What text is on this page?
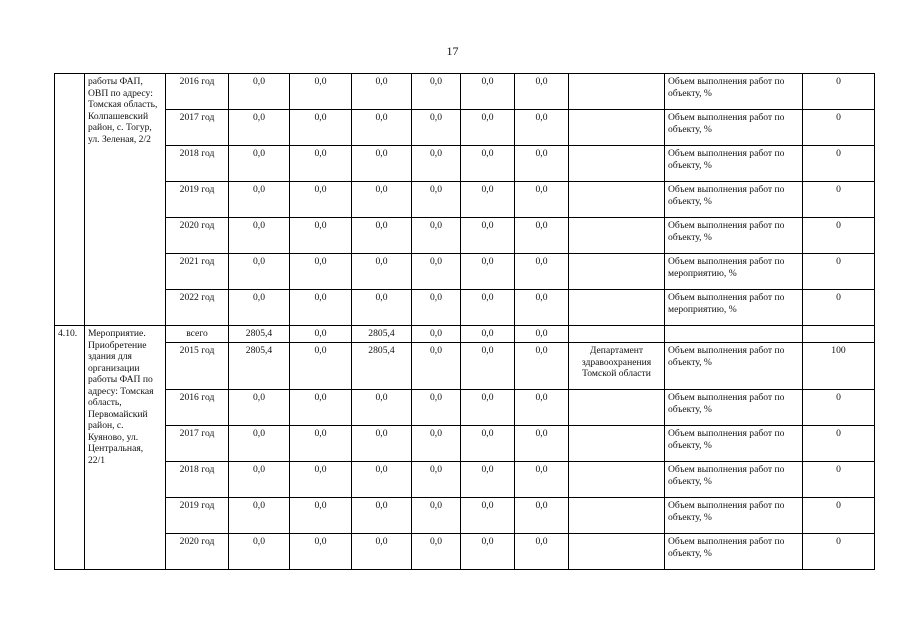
17
	работы ФАП, ОВП по адресу: Томская область, Колпашевский район, с. Тогур, ул. Зеленая, 2/2	2016 год	0,0	0,0	0,0	0,0	0,0	0,0		Объем выполнения работ по объекту, %	0
		2017 год	0,0	0,0	0,0	0,0	0,0	0,0		Объем выполнения работ по объекту, %	0
		2018 год	0,0	0,0	0,0	0,0	0,0	0,0		Объем выполнения работ по объекту, %	0
		2019 год	0,0	0,0	0,0	0,0	0,0	0,0		Объем выполнения работ по объекту, %	0
		2020 год	0,0	0,0	0,0	0,0	0,0	0,0		Объем выполнения работ по объекту, %	0
		2021 год	0,0	0,0	0,0	0,0	0,0	0,0		Объем выполнения работ по мероприятию, %	0
		2022 год	0,0	0,0	0,0	0,0	0,0	0,0		Объем выполнения работ по мероприятию, %	0
4.10.	Мероприятие. Приобретение здания для организации работы ФАП по адресу: Томская область, Первомайский район, с. Куяново, ул. Центральная, 22/1	всего	2805,4	0,0	2805,4	0,0	0,0	0,0			
		2015 год	2805,4	0,0	2805,4	0,0	0,0	0,0	Департамент здравоохранения Томской области	Объем выполнения работ по объекту, %	100
		2016 год	0,0	0,0	0,0	0,0	0,0	0,0		Объем выполнения работ по объекту, %	0
		2017 год	0,0	0,0	0,0	0,0	0,0	0,0		Объем выполнения работ по объекту, %	0
		2018 год	0,0	0,0	0,0	0,0	0,0	0,0		Объем выполнения работ по объекту, %	0
		2019 год	0,0	0,0	0,0	0,0	0,0	0,0		Объем выполнения работ по объекту, %	0
		2020 год	0,0	0,0	0,0	0,0	0,0	0,0		Объем выполнения работ по объекту, %	0
